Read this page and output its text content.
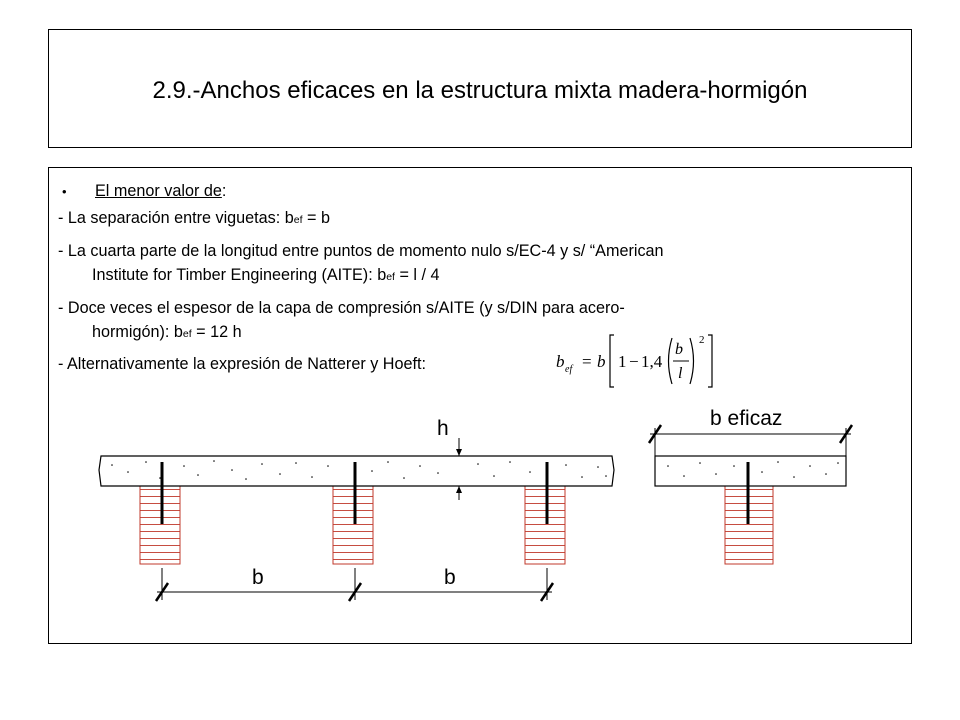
2.9.-Anchos eficaces en la estructura mixta madera-hormigón
• El menor valor de:
- La separación entre viguetas: bef = b
- La cuarta parte de la longitud entre puntos de momento nulo s/EC-4 y s/ “American
Institute for Timber Engineering (AITE): bef = l / 4
- Doce veces el espesor de la capa de compresión s/AITE (y s/DIN para acero-
hormigón): bef = 12 h
- Alternativamente la expresión de Natterer y Hoeft:	b ef = b 1 − 1,4
b
l
2
h
b	b
b eficaz
